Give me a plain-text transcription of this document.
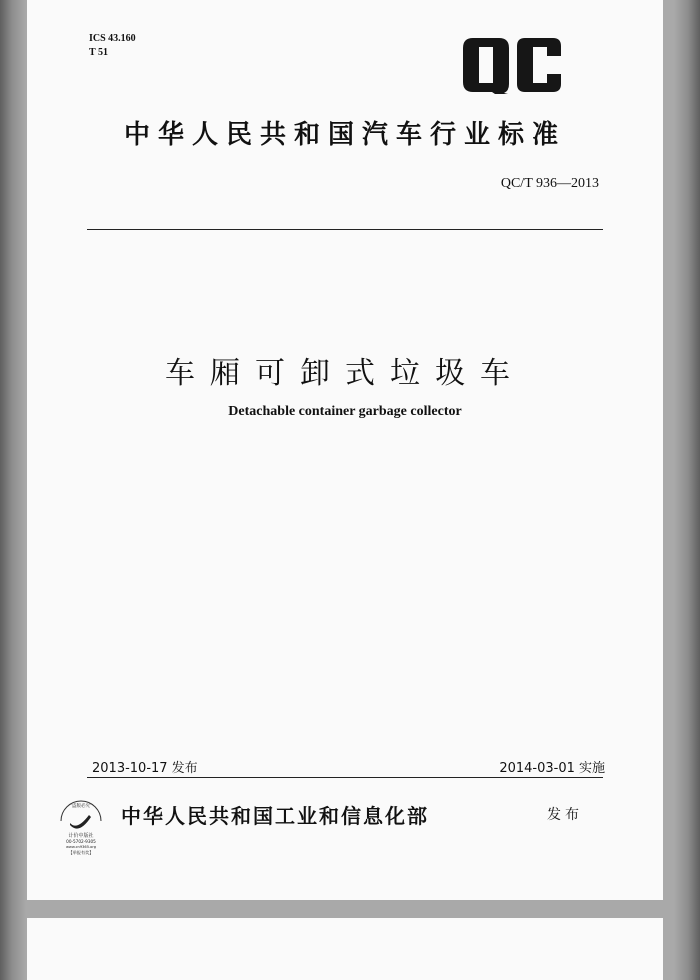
ICS 43.160
T 51
中华人民共和国汽车行业标准
QC/T 936—2013
车厢可卸式垃圾车
Detachable container garbage collector
2013-10-17 发布	2014-03-01 实施
“盗版必究”
计价中版社
00-5702-9305
www.cn9365.org
【举报有奖】
中华人民共和国工业和信息化部	发布
